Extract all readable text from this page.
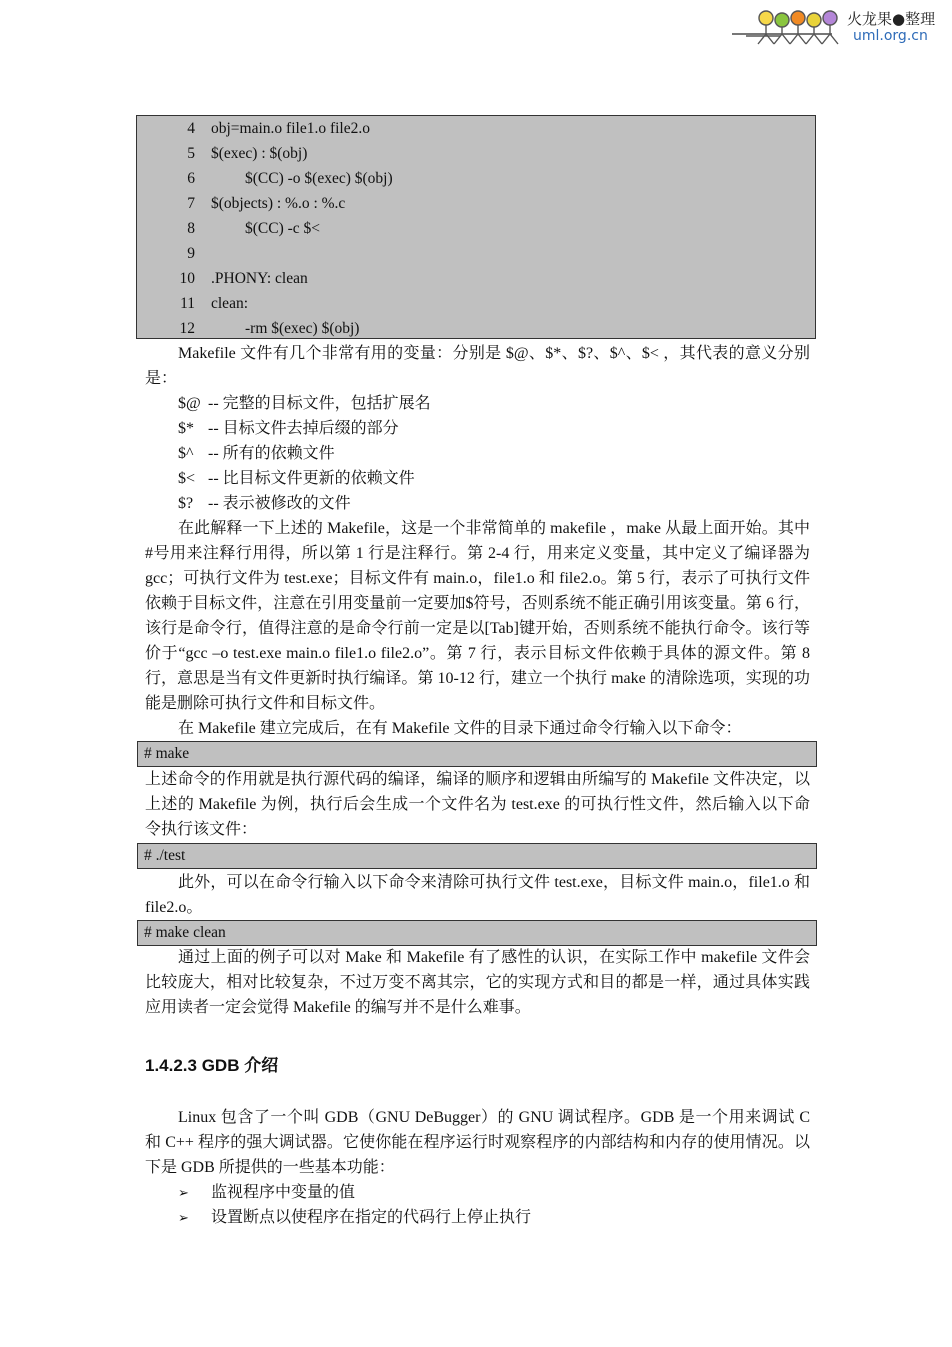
火龙果●整理
uml.org.cn
4 obj=main.o file1.o file2.o
5 $(exec) : $(obj)
6	$(CC) -o $(exec) $(obj)
7 $(objects) : %.o : %.c
8	$(CC) -c $<
9
10 .PHONY: clean
11 clean:
12	-rm $(exec) $(obj)
Makefile 文件有几个非常有用的变量：分别是 $@、$*、$?、$^、$< ，其代表的意义分别是：
$@ -- 完整的目标文件，包括扩展名
$* -- 目标文件去掉后缀的部分
$^ -- 所有的依赖文件
$< -- 比目标文件更新的依赖文件
$? -- 表示被修改的文件
在此解释一下上述的 Makefile，这是一个非常简单的 makefile ，make 从最上面开始。其中#号用来注释行用得，所以第 1 行是注释行。第 2-4 行，用来定义变量，其中定义了编译器为 gcc；可执行文件为 test.exe；目标文件有 main.o，file1.o 和 file2.o。第 5 行，表示了可执行文件依赖于目标文件，注意在引用变量前一定要加$符号，否则系统不能正确引用该变量。第 6 行，该行是命令行，值得注意的是命令行前一定是以[Tab]键开始，否则系统不能执行命令。该行等价于“gcc –o test.exe main.o file1.o file2.o”。第 7 行，表示目标文件依赖于具体的源文件。第 8 行，意思是当有文件更新时执行编译。第 10-12 行，建立一个执行 make 的清除选项，实现的功能是删除可执行文件和目标文件。
在 Makefile 建立完成后，在有 Makefile 文件的目录下通过命令行输入以下命令：
# make
上述命令的作用就是执行源代码的编译，编译的顺序和逻辑由所编写的 Makefile 文件决定，以上述的 Makefile 为例，执行后会生成一个文件名为 test.exe 的可执行性文件，然后输入以下命令执行该文件：
# ./test
此外，可以在命令行输入以下命令来清除可执行文件 test.exe，目标文件 main.o，file1.o 和 file2.o。
# make clean
通过上面的例子可以对 Make 和 Makefile 有了感性的认识，在实际工作中 makefile 文件会比较庞大，相对比较复杂，不过万变不离其宗，它的实现方式和目的都是一样，通过具体实践应用读者一定会觉得 Makefile 的编写并不是什么难事。
1.4.2.3 GDB 介绍
Linux 包含了一个叫 GDB（GNU DeBugger）的 GNU 调试程序。GDB 是一个用来调试 C 和 C++ 程序的强大调试器。它使你能在程序运行时观察程序的内部结构和内存的使用情况。以下是 GDB 所提供的一些基本功能：
➢ 监视程序中变量的值
➢ 设置断点以使程序在指定的代码行上停止执行
